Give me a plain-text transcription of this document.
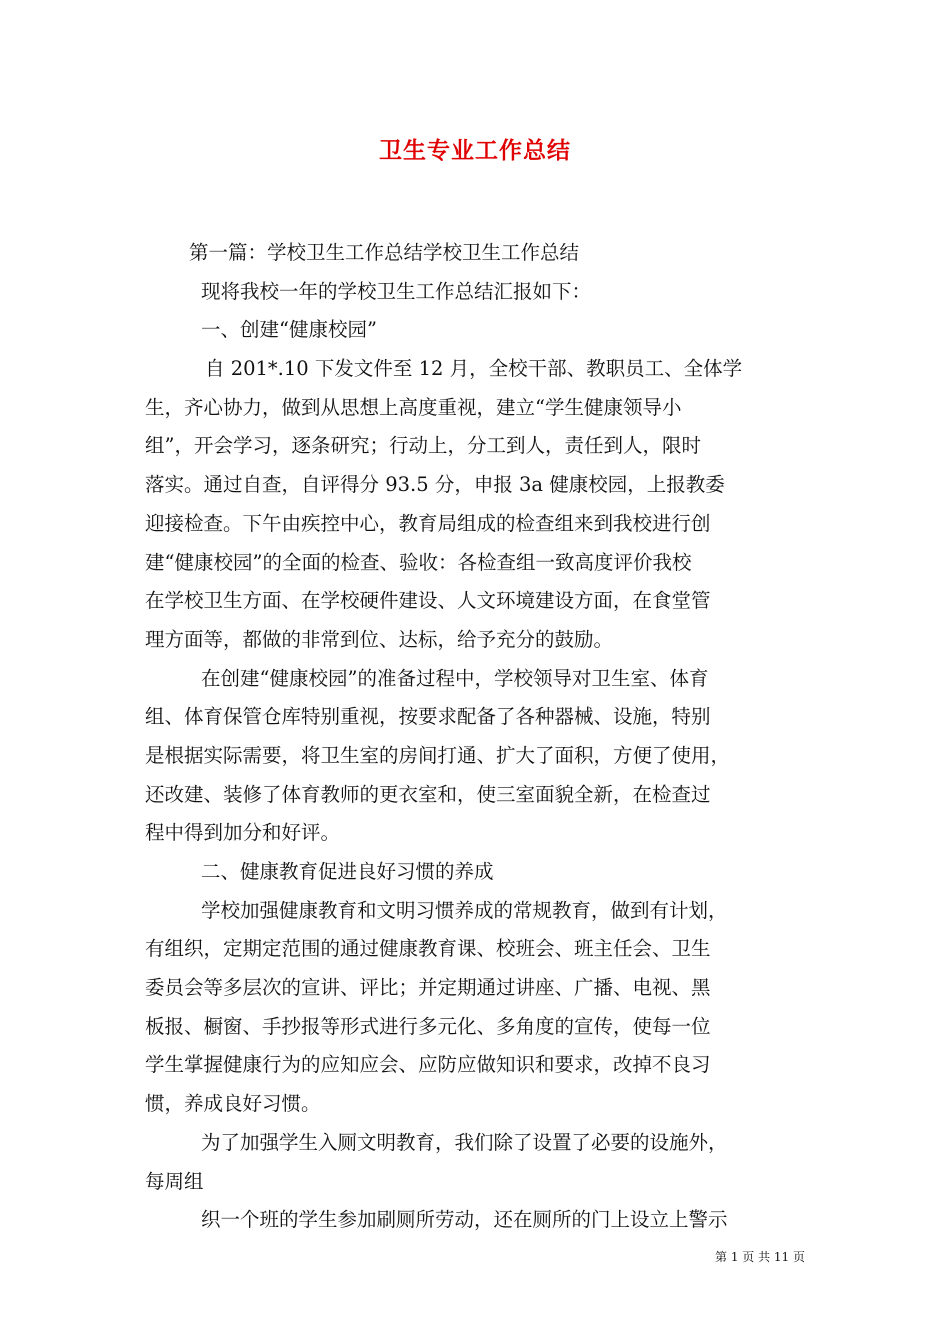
卫生专业工作总结
第一篇：学校卫生工作总结学校卫生工作总结
现将我校一年的学校卫生工作总结汇报如下：
一、创建“健康校园”
自 201*.10 下发文件至 12 月，全校干部、教职员工、全体学
生，齐心协力，做到从思想上高度重视，建立“学生健康领导小
组”，开会学习，逐条研究；行动上，分工到人，责任到人，限时
落实。通过自查，自评得分 93.5 分，申报 3a 健康校园，上报教委
迎接检查。下午由疾控中心，教育局组成的检查组来到我校进行创
建“健康校园”的全面的检查、验收：各检查组一致高度评价我校
在学校卫生方面、在学校硬件建设、人文环境建设方面，在食堂管
理方面等，都做的非常到位、达标，给予充分的鼓励。
在创建“健康校园”的准备过程中，学校领导对卫生室、体育
组、体育保管仓库特别重视，按要求配备了各种器械、设施，特别
是根据实际需要，将卫生室的房间打通、扩大了面积，方便了使用，
还改建、装修了体育教师的更衣室和，使三室面貌全新，在检查过
程中得到加分和好评。
二、健康教育促进良好习惯的养成
学校加强健康教育和文明习惯养成的常规教育，做到有计划，
有组织，定期定范围的通过健康教育课、校班会、班主任会、卫生
委员会等多层次的宣讲、评比；并定期通过讲座、广播、电视、黑
板报、橱窗、手抄报等形式进行多元化、多角度的宣传，使每一位
学生掌握健康行为的应知应会、应防应做知识和要求，改掉不良习
惯，养成良好习惯。
为了加强学生入厕文明教育，我们除了设置了必要的设施外，
每周组
织一个班的学生参加刷厕所劳动，还在厕所的门上设立上警示
第 1 页 共 11 页
